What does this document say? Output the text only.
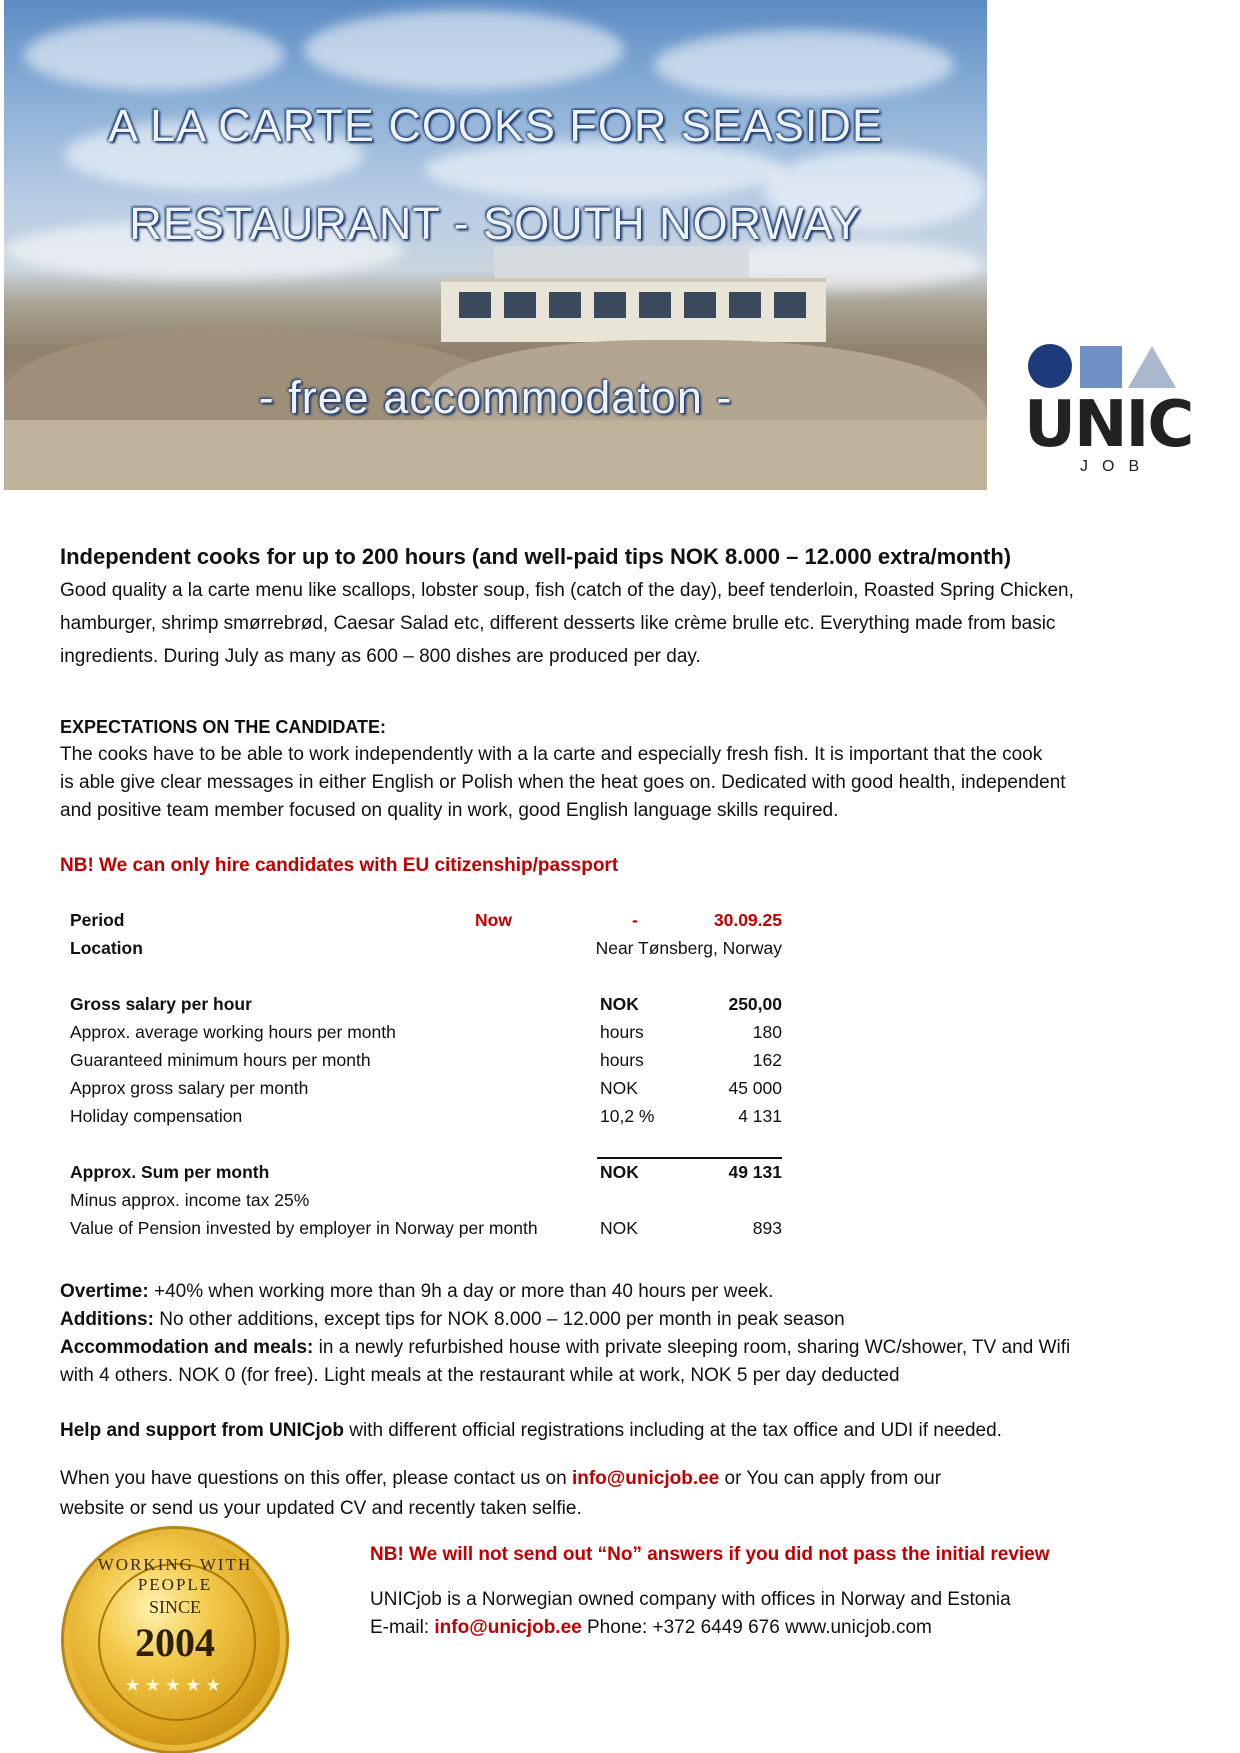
A LA CARTE COOKS FOR SEASIDE
RESTAURANT - SOUTH NORWAY
- free accommodaton -	UNIC
JOB
Independent cooks for up to 200 hours (and well-paid tips NOK 8.000 – 12.000 extra/month)
Good quality a la carte menu like scallops, lobster soup, fish (catch of the day), beef tenderloin, Roasted Spring Chicken,
hamburger, shrimp smørrebrød, Caesar Salad etc, different desserts like crème brulle etc. Everything made from basic
ingredients. During July as many as 600 – 800 dishes are produced per day.
EXPECTATIONS ON THE CANDIDATE:
The cooks have to be able to work independently with a la carte and especially fresh fish. It is important that the cook
is able give clear messages in either English or Polish when the heat goes on. Dedicated with good health, independent
and positive team member focused on quality in work, good English language skills required.
NB! We can only hire candidates with EU citizenship/passport
Period	Now	-	30.09.25
Location	Near Tønsberg, Norway
Gross salary per hour	NOK	250,00
Approx. average working hours per month	hours	180
Guaranteed minimum hours per month	hours	162
Approx gross salary per month	NOK	45 000
Holiday compensation	10,2 %	4 131
Approx. Sum per month	NOK	49 131
Minus approx. income tax 25%
Value of Pension invested by employer in Norway per month	NOK	893
Overtime: +40% when working more than 9h a day or more than 40 hours per week.
Additions: No other additions, except tips for NOK 8.000 – 12.000 per month in peak season
Accommodation and meals: in a newly refurbished house with private sleeping room, sharing WC/shower, TV and Wifi
with 4 others. NOK 0 (for free). Light meals at the restaurant while at work, NOK 5 per day deducted
Help and support from UNICjob with different official registrations including at the tax office and UDI if needed.
When you have questions on this offer, please contact us on info@unicjob.ee or You can apply from our
website or send us your updated CV and recently taken selfie.
NB! We will not send out “No” answers if you did not pass the initial review
UNICjob is a Norwegian owned company with offices in Norway and Estonia
E-mail: info@unicjob.ee Phone: +372 6449 676 www.unicjob.com
WORKING WITH PEOPLE
SINCE
2004
★★★★★
